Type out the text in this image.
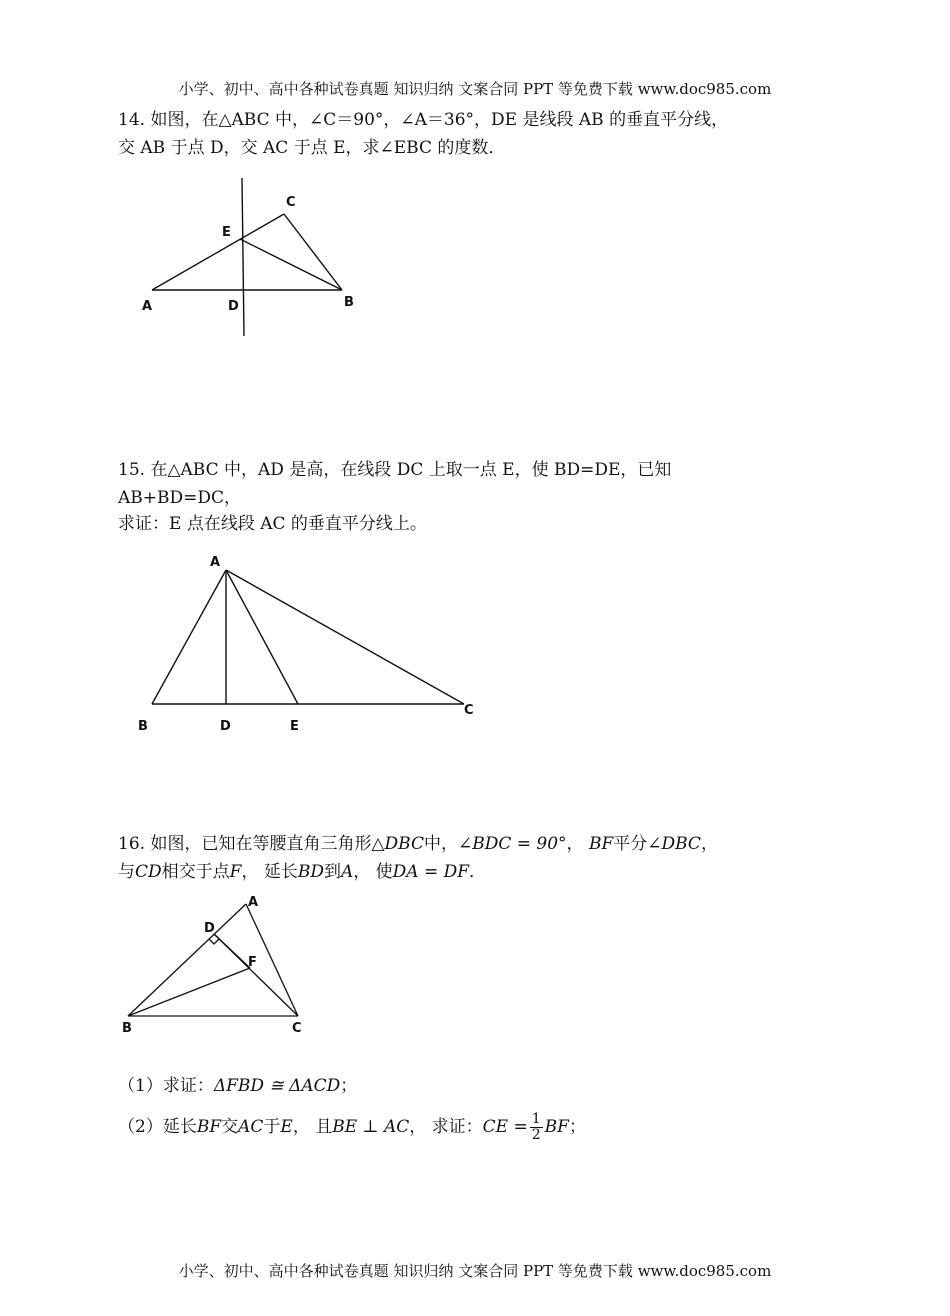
小学、初中、高中各种试卷真题 知识归纳 文案合同 PPT 等免费下载 www.doc985.com
14. 如图，在△ABC 中，∠C＝90°，∠A＝36°，DE 是线段 AB 的垂直平分线，
交 AB 于点 D，交 AC 于点 E，求∠EBC 的度数．
A	B
C
D
E
15. 在△ABC 中，AD 是高，在线段 DC 上取一点 E，使 BD=DE，已知
AB+BD=DC，
求证：E 点在线段 AC 的垂直平分线上。
A
B	D	E
C
16. 如图，已知在等腰直角三角形△DBC中，∠BDC = 90°， BF平分∠DBC，
与CD相交于点F， 延长BD到A， 使DA = DF．
A
D
F
B	C
（1）求证：ΔFBD ≅ ΔACD；
（2）延长BF交AC于E， 且BE ⊥ AC， 求证：CE = $\frac{1}{2}$ BF；
小学、初中、高中各种试卷真题 知识归纳 文案合同 PPT 等免费下载 www.doc985.com
